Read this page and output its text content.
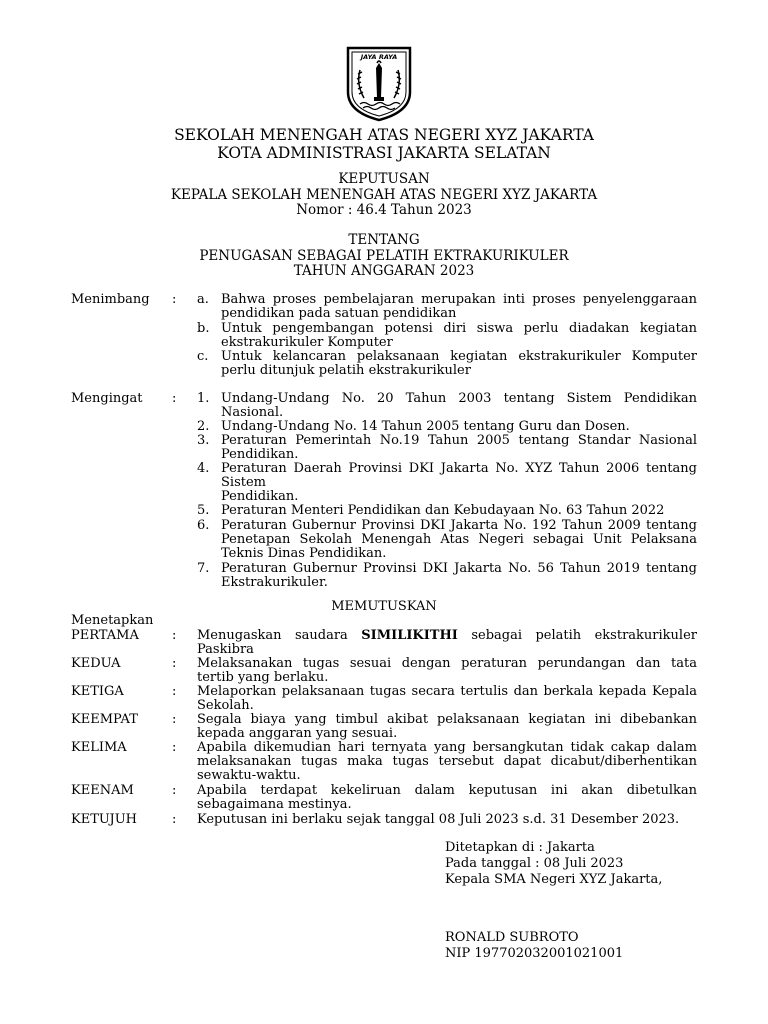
JAYA RAYA
SEKOLAH MENENGAH ATAS NEGERI XYZ JAKARTA
KOTA ADMINISTRASI JAKARTA SELATAN
KEPUTUSAN
KEPALA SEKOLAH MENENGAH ATAS NEGERI XYZ JAKARTA
Nomor : 46.4 Tahun 2023
TENTANG
PENUGASAN SEBAGAI PELATIH EKTRAKURIKULER
TAHUN ANGGARAN 2023
Menimbang : a. Bahwa proses pembelajaran merupakan inti proses penyelenggaraan
pendidikan pada satuan pendidikan
b. Untuk pengembangan potensi diri siswa perlu diadakan kegiatan
ekstrakurikuler Komputer
c. Untuk kelancaran pelaksanaan kegiatan ekstrakurikuler Komputer
perlu ditunjuk pelatih ekstrakurikuler
Mengingat : 1. Undang-Undang No. 20 Tahun 2003 tentang Sistem Pendidikan
Nasional.
2. Undang-Undang No. 14 Tahun 2005 tentang Guru dan Dosen.
3. Peraturan Pemerintah No.19 Tahun 2005 tentang Standar Nasional
Pendidikan.
4. Peraturan Daerah Provinsi DKI Jakarta No. XYZ Tahun 2006 tentang
Sistem
Pendidikan.
5. Peraturan Menteri Pendidikan dan Kebudayaan No. 63 Tahun 2022
6. Peraturan Gubernur Provinsi DKI Jakarta No. 192 Tahun 2009 tentang
Penetapan Sekolah Menengah Atas Negeri sebagai Unit Pelaksana
Teknis Dinas Pendidikan.
7. Peraturan Gubernur Provinsi DKI Jakarta No. 56 Tahun 2019 tentang
Ekstrakurikuler.
MEMUTUSKAN
Menetapkan
PERTAMA	: Menugaskan saudara SIMILIKITHI sebagai pelatih ekstrakurikuler
Paskibra
KEDUA	: Melaksanakan tugas sesuai dengan peraturan perundangan dan tata
tertib yang berlaku.
KETIGA	: Melaporkan pelaksanaan tugas secara tertulis dan berkala kepada Kepala
Sekolah.
KEEMPAT	: Segala biaya yang timbul akibat pelaksanaan kegiatan ini dibebankan
kepada anggaran yang sesuai.
KELIMA	: Apabila dikemudian hari ternyata yang bersangkutan tidak cakap dalam
melaksanakan tugas maka tugas tersebut dapat dicabut/diberhentikan
sewaktu-waktu.
KEENAM	: Apabila terdapat kekeliruan dalam keputusan ini akan dibetulkan
sebagaimana mestinya.
KETUJUH	: Keputusan ini berlaku sejak tanggal 08 Juli 2023 s.d. 31 Desember 2023.
Ditetapkan di : Jakarta
Pada tanggal : 08 Juli 2023
Kepala SMA Negeri XYZ Jakarta,
RONALD SUBROTO
NIP 197702032001021001
